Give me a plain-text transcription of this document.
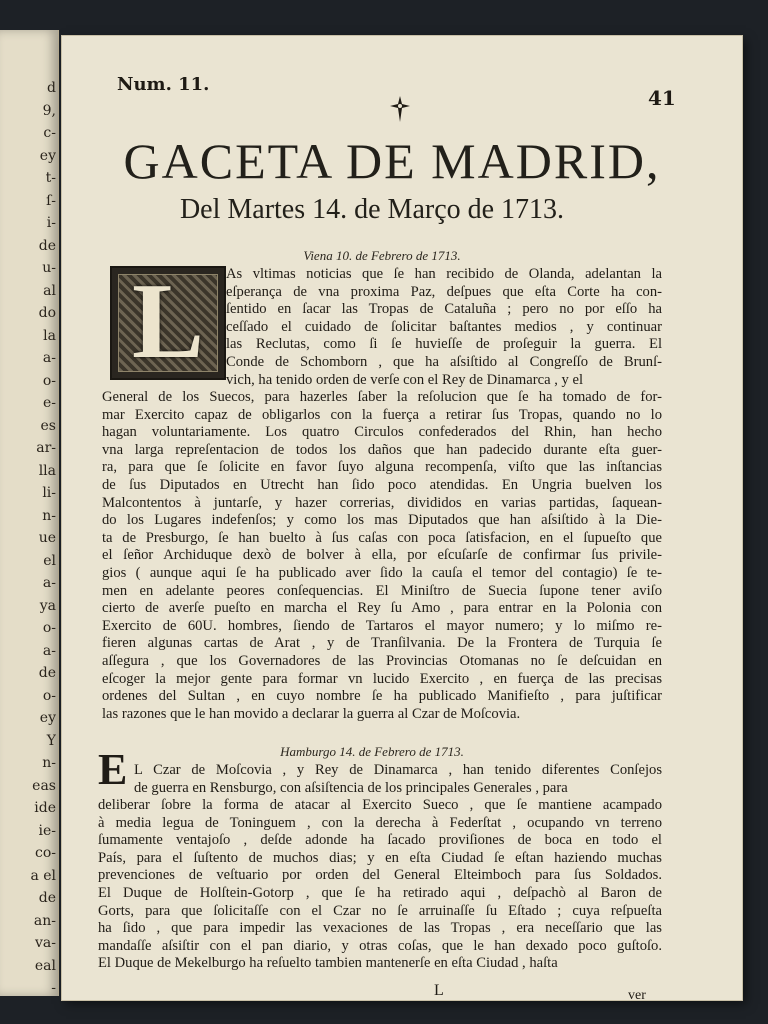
d
9,
c-
ey
t-
ſ-
i-
de
u-
al
do
la
a-
o-
e-
es
ar-
lla
li-
n-
ue
el
a-
ya
o-
a-
de
o-
ey
Y
n-
eas
ide
ie-
co-
a el
de
an-
va-
eal
-
Num. 11.
41
GACETA DE MADRID,
Del Martes 14. de Março de 1713.
Viena 10. de Febrero de 1713.
L	As vltimas noticias que ſe han recibido de Olanda, adelantan la
eſperança de vna proxima Paz, deſpues que eſta Corte ha con-
ſentido en ſacar las Tropas de Cataluña ; pero no por eſſo ha
ceſſado el cuidado de ſolicitar baſtantes medios , y continuar
las Reclutas, como ſi ſe huvieſſe de proſeguir la guerra. El
Conde de Schomborn , que ha aſsiſtido al Congreſſo de Brunſ-
vich, ha tenido orden de verſe con el Rey de Dinamarca , y el
General de los Suecos, para hazerles ſaber la reſolucion que ſe ha tomado de for-
mar Exercito capaz de obligarlos con la fuerça a retirar ſus Tropas, quando no lo
hagan voluntariamente. Los quatro Circulos confederados del Rhin, han hecho
vna larga repreſentacion de todos los daños que han padecido durante eſta guer-
ra, para que ſe ſolicite en favor ſuyo alguna recompenſa, viſto que las inſtancias
de ſus Diputados en Utrecht han ſido poco atendidas. En Ungria buelven los
Malcontentos à juntarſe, y hazer correrias, divididos en varias partidas, ſaquean-
do los Lugares indefenſos; y como los mas Diputados que han aſsiſtido à la Die-
ta de Presburgo, ſe han buelto à ſus caſas con poca ſatisfacion, en el ſupueſto que
el ſeñor Archiduque dexò de bolver à ella, por eſcuſarſe de confirmar ſus privile-
gios ( aunque aqui ſe ha publicado aver ſido la cauſa el temor del contagio) ſe te-
men en adelante peores conſequencias. El Miniſtro de Suecia ſupone tener aviſo
cierto de averſe pueſto en marcha el Rey ſu Amo , para entrar en la Polonia con
Exercito de 60U. hombres, ſiendo de Tartaros el mayor numero; y lo miſmo re-
fieren algunas cartas de Arat , y de Tranſilvania. De la Frontera de Turquia ſe
aſſegura , que los Governadores de las Provincias Otomanas no ſe deſcuidan en
eſcoger la mejor gente para formar vn lucido Exercito , en fuerça de las precisas
ordenes del Sultan , en cuyo nombre ſe ha publicado Manifieſto , para juſtificar
las razones que le han movido a declarar la guerra al Czar de Moſcovia.
Hamburgo 14. de Febrero de 1713.
E L Czar de Moſcovia , y Rey de Dinamarca , han tenido diferentes Conſejos
de guerra en Rensburgo, con aſsiſtencia de los principales Generales , para
deliberar ſobre la forma de atacar al Exercito Sueco , que ſe mantiene acampado
à media legua de Toninguem , con la derecha à Federſtat , ocupando vn terreno
ſumamente ventajoſo , deſde adonde ha ſacado proviſiones de boca en todo el
País, para el ſuſtento de muchos dias; y en eſta Ciudad ſe eſtan haziendo muchas
prevenciones de veſtuario por orden del General Elteimboch para ſus Soldados.
El Duque de Holſtein-Gotorp , que ſe ha retirado aqui , deſpachò al Baron de
Gorts, para que ſolicitaſſe con el Czar no ſe arruinaſſe ſu Eſtado ; cuya reſpueſta
ha ſido , que para impedir las vexaciones de las Tropas , era neceſſario que las
mandaſſe aſsiſtir con el pan diario, y otras coſas, que le han dexado poco guſtoſo.
El Duque de Mekelburgo ha reſuelto tambien mantenerſe en eſta Ciudad , haſta
L	ver
